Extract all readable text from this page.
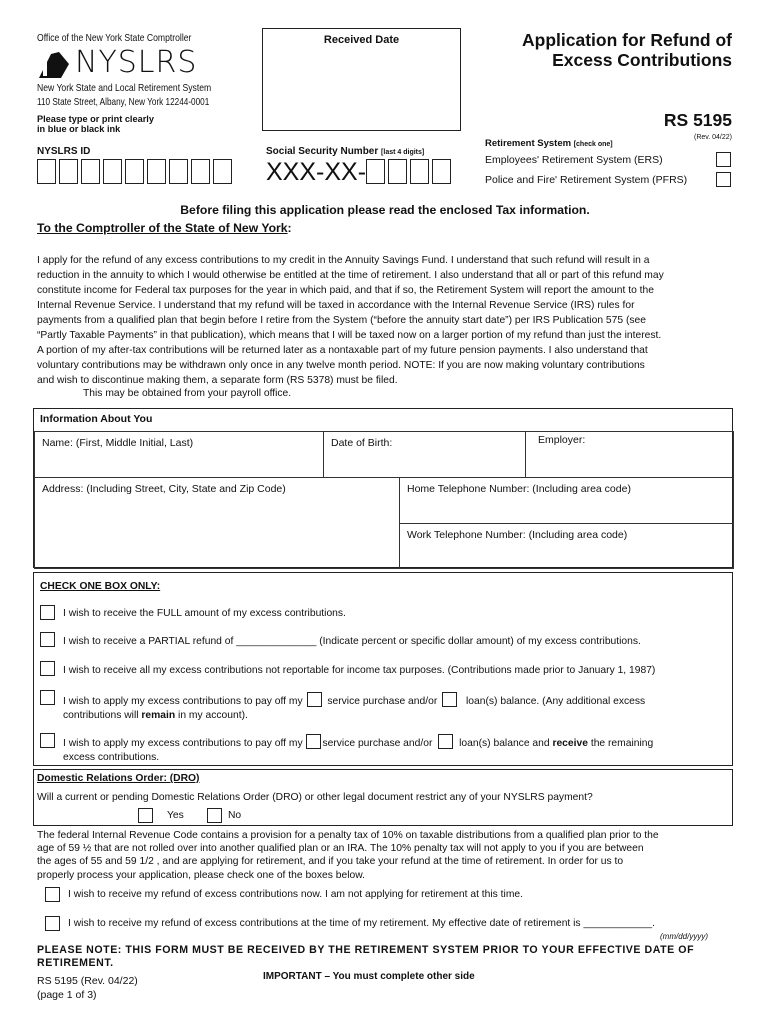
Office of the New York State Comptroller
NYSLRS
New York State and Local Retirement System
110 State Street, Albany, New York 12244-0001
Please type or print clearly
in blue or black ink
Received Date	Application for Refund of
Excess Contributions
RS 5195
(Rev. 04/22)
NYSLRS ID	Social Security Number [last 4 digits]
XXX-XX-
Retirement System [check one]
Employees' Retirement System (ERS)
Police and Fire' Retirement System (PFRS)
Before filing this application please read the enclosed Tax information.
To the Comptroller of the State of New York:
I apply for the refund of any excess contributions to my credit in the Annuity Savings Fund. I understand that such refund will result in a
reduction in the annuity to which I would otherwise be entitled at the time of retirement. I also understand that all or part of this refund may
constitute income for Federal tax purposes for the year in which paid, and that if so, the Retirement System will report the amount to the
Internal Revenue Service. I understand that my refund will be taxed in accordance with the Internal Revenue Service (IRS) rules for
payments from a qualified plan that begin before I retire from the System (“before the annuity start date”) per IRS Publication 575 (see
“Partly Taxable Payments” in that publication), which means that I will be taxed now on a larger portion of my refund than just the interest.
A portion of my after-tax contributions will be returned later as a nontaxable part of my future pension payments. I also understand that
voluntary contributions may be withdrawn only once in any twelve month period. NOTE: If you are now making voluntary contributions
and wish to discontinue making them, a separate form (RS 5378) must be filed.
This may be obtained from your payroll office.
Information About You
Name: (First, Middle Initial, Last)	Date of Birth:	Employer:
Address: (Including Street, City, State and Zip Code)	Home Telephone Number: (Including area code)
Work Telephone Number: (Including area code)
CHECK ONE BOX ONLY:
I wish to receive the FULL amount of my excess contributions.
I wish to receive a PARTIAL refund of ______________ (Indicate percent or specific dollar amount) of my excess contributions.
I wish to receive all my excess contributions not reportable for income tax purposes. (Contributions made prior to January 1, 1987)
I wish to apply my excess contributions to pay off my service purchase and/or	loan(s) balance. (Any additional excess
contributions will remain in my account).
I wish to apply my excess contributions to pay off my service purchase and/or	loan(s) balance and receive the remaining
excess contributions.
Domestic Relations Order: (DRO)
Will a current or pending Domestic Relations Order (DRO) or other legal document restrict any of your NYSLRS payment?
Yes	No
The federal Internal Revenue Code contains a provision for a penalty tax of 10% on taxable distributions from a qualified plan prior to the
age of 59 ½ that are not rolled over into another qualified plan or an IRA. The 10% penalty tax will not apply to you if you are between
the ages of 55 and 59 1/2 , and are applying for retirement, and if you take your refund at the time of retirement. In order for us to
properly process your application, please check one of the boxes below.
I wish to receive my refund of excess contributions now. I am not applying for retirement at this time.
I wish to receive my refund of excess contributions at the time of my retirement. My effective date of retirement is ____________.
(mm/dd/yyyy)
PLEASE NOTE: THIS FORM MUST BE RECEIVED BY THE RETIREMENT SYSTEM PRIOR TO YOUR EFFECTIVE DATE OF RETIREMENT.
RS 5195 (Rev. 04/22)
(page 1 of 3)
IMPORTANT – You must complete other side
